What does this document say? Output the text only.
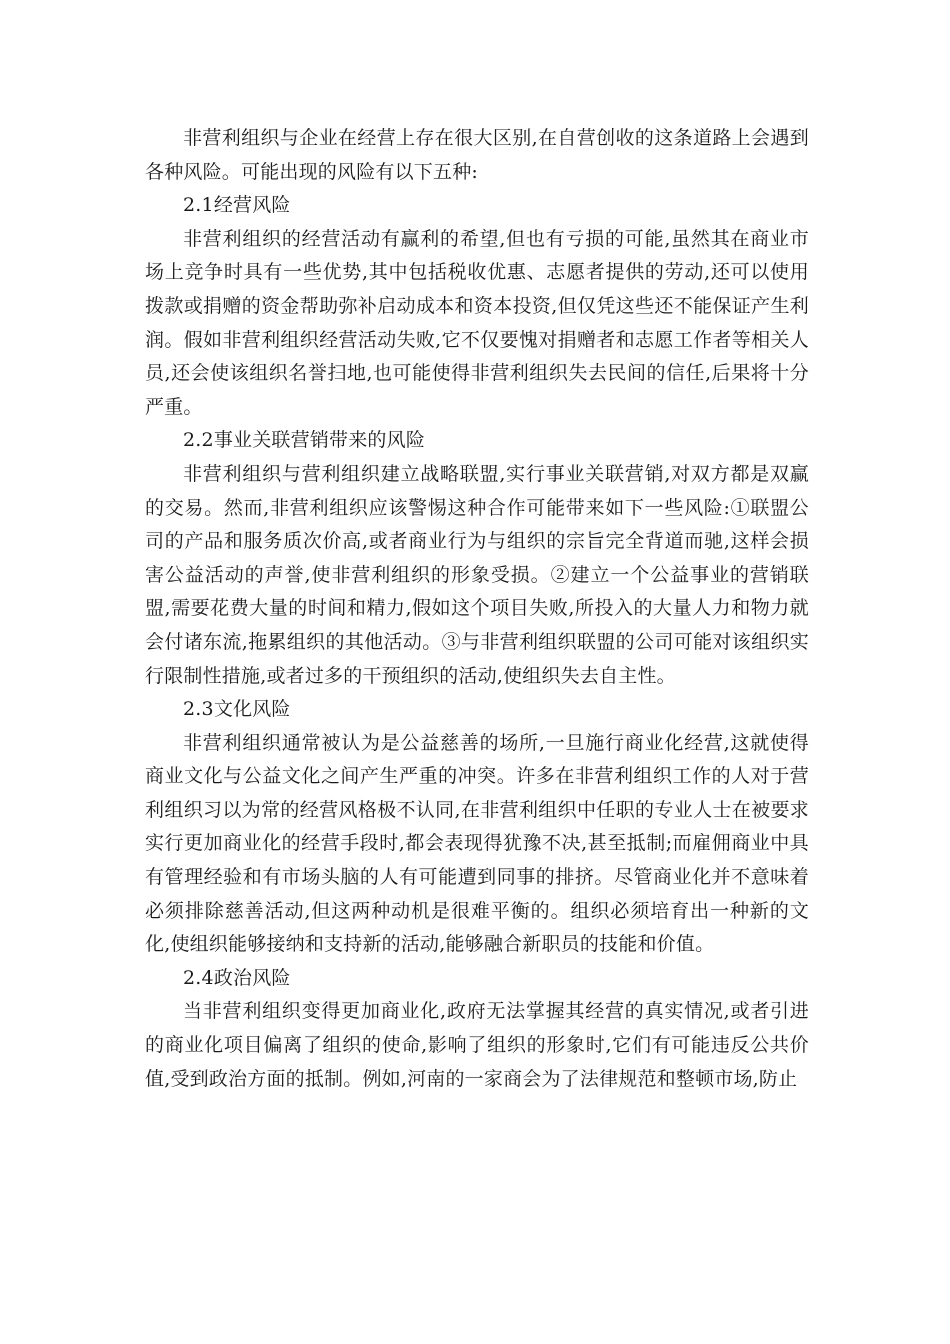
非营利组织与企业在经营上存在很大区别,在自营创收的这条道路上会遇到各种风险。可能出现的风险有以下五种:

2.1经营风险

非营利组织的经营活动有赢利的希望,但也有亏损的可能,虽然其在商业市场上竞争时具有一些优势,其中包括税收优惠、志愿者提供的劳动,还可以使用拨款或捐赠的资金帮助弥补启动成本和资本投资,但仅凭这些还不能保证产生利润。假如非营利组织经营活动失败,它不仅要愧对捐赠者和志愿工作者等相关人员,还会使该组织名誉扫地,也可能使得非营利组织失去民间的信任,后果将十分严重。

2.2事业关联营销带来的风险

非营利组织与营利组织建立战略联盟,实行事业关联营销,对双方都是双赢的交易。然而,非营利组织应该警惕这种合作可能带来如下一些风险:①联盟公司的产品和服务质次价高,或者商业行为与组织的宗旨完全背道而驰,这样会损害公益活动的声誉,使非营利组织的形象受损。②建立一个公益事业的营销联盟,需要花费大量的时间和精力,假如这个项目失败,所投入的大量人力和物力就会付诸东流,拖累组织的其他活动。③与非营利组织联盟的公司可能对该组织实行限制性措施,或者过多的干预组织的活动,使组织失去自主性。

2.3文化风险

非营利组织通常被认为是公益慈善的场所,一旦施行商业化经营,这就使得商业文化与公益文化之间产生严重的冲突。许多在非营利组织工作的人对于营利组织习以为常的经营风格极不认同,在非营利组织中任职的专业人士在被要求实行更加商业化的经营手段时,都会表现得犹豫不决,甚至抵制;而雇佣商业中具有管理经验和有市场头脑的人有可能遭到同事的排挤。尽管商业化并不意味着必须排除慈善活动,但这两种动机是很难平衡的。组织必须培育出一种新的文化,使组织能够接纳和支持新的活动,能够融合新职员的技能和价值。

2.4政治风险

当非营利组织变得更加商业化,政府无法掌握其经营的真实情况,或者引进的商业化项目偏离了组织的使命,影响了组织的形象时,它们有可能违反公共价值,受到政治方面的抵制。例如,河南的一家商会为了法律规范和整顿市场,防止
